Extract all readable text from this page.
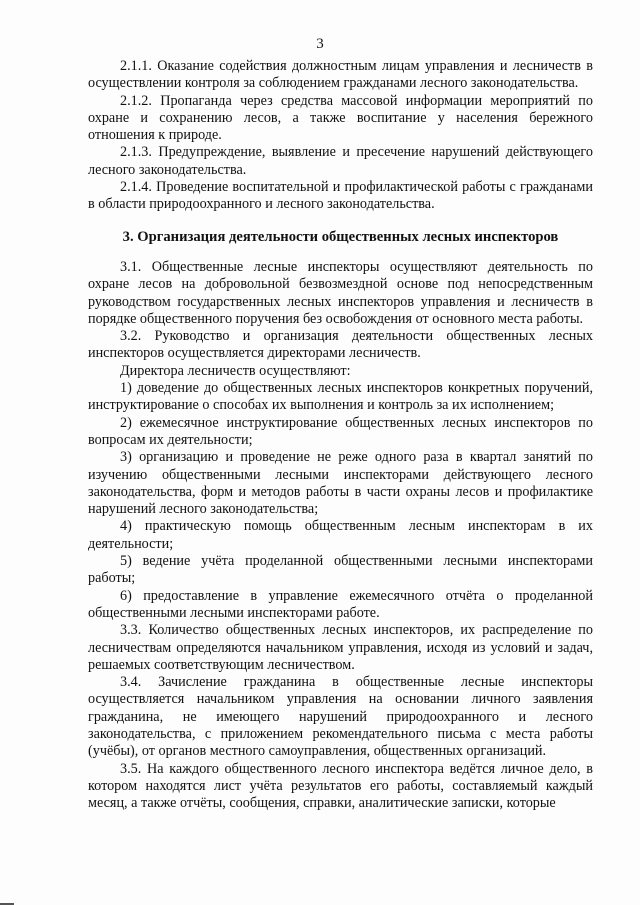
3

2.1.1. Оказание содействия должностным лицам управления и лесничеств в осуществлении контроля за соблюдением гражданами лесного законодательства.

2.1.2. Пропаганда через средства массовой информации мероприятий по охране и сохранению лесов, а также воспитание у населения бережного отношения к природе.

2.1.3. Предупреждение, выявление и пресечение нарушений действующего лесного законодательства.

2.1.4. Проведение воспитательной и профилактической работы с гражданами в области природоохранного и лесного законодательства.

3. Организация деятельности общественных лесных инспекторов

3.1. Общественные лесные инспекторы осуществляют деятельность по охране лесов на добровольной безвозмездной основе под непосредственным руководством государственных лесных инспекторов управления и лесничеств в порядке общественного поручения без освобождения от основного места работы.

3.2. Руководство и организация деятельности общественных лесных инспекторов осуществляется директорами лесничеств.

Директора лесничеств осуществляют:

1) доведение до общественных лесных инспекторов конкретных поручений, инструктирование о способах их выполнения и контроль за их исполнением;

2) ежемесячное инструктирование общественных лесных инспекторов по вопросам их деятельности;

3) организацию и проведение не реже одного раза в квартал занятий по изучению общественными лесными инспекторами действующего лесного законодательства, форм и методов работы в части охраны лесов и профилактике нарушений лесного законодательства;

4) практическую помощь общественным лесным инспекторам в их деятельности;

5) ведение учёта проделанной общественными лесными инспекторами работы;

6) предоставление в управление ежемесячного отчёта о проделанной общественными лесными инспекторами работе.

3.3. Количество общественных лесных инспекторов, их распределение по лесничествам определяются начальником управления, исходя из условий и задач, решаемых соответствующим лесничеством.

3.4. Зачисление гражданина в общественные лесные инспекторы осуществляется начальником управления на основании личного заявления гражданина, не имеющего нарушений природоохранного и лесного законодательства, с приложением рекомендательного письма с места работы (учёбы), от органов местного самоуправления, общественных организаций.

3.5. На каждого общественного лесного инспектора ведётся личное дело, в котором находятся лист учёта результатов его работы, составляемый каждый месяц, а также отчёты, сообщения, справки, аналитические записки, которые
